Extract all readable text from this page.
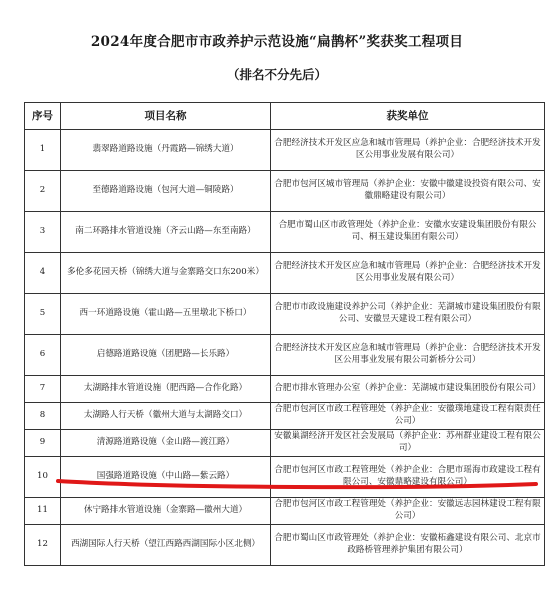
2024年度合肥市市政养护示范设施“扁鹊杯”奖获奖工程项目
（排名不分先后）
序号	项目名称	获奖单位
1	翡翠路道路设施（丹霞路—锦绣大道）	合肥经济技术开发区应急和城市管理局（养护企业：合肥经济技术开发区公用事业发展有限公司）
2	至德路道路设施（包河大道—铜陵路）	合肥市包河区城市管理局（养护企业：安徽中徽建设投资有限公司、安徽鼎略建设有限公司）
3	南二环路排水管道设施（齐云山路—东至南路）	合肥市蜀山区市政管理处（养护企业：安徽水安建设集团股份有限公司、桐玉建设集团有限公司）
4	多伦多花园天桥（锦绣大道与金寨路交口东200米）	合肥经济技术开发区应急和城市管理局（养护企业：合肥经济技术开发区公用事业发展有限公司）
5	西一环道路设施（霍山路—五里墩北下桥口）	合肥市市政设施建设养护公司（养护企业：芜湖城市建设集团股份有限公司、安徽昱天建设工程有限公司）
6	启德路道路设施（团肥路—长乐路）	合肥经济技术开发区应急和城市管理局（养护企业：合肥经济技术开发区公用事业发展有限公司新桥分公司）
7	太湖路排水管道设施（肥西路—合作化路）	合肥市排水管理办公室（养护企业：芜湖城市建设集团股份有限公司）
8	太湖路人行天桥（徽州大道与太湖路交口）	合肥市包河区市政工程管理处（养护企业：安徽璞地建设工程有限责任公司）
9	清源路道路设施（金山路—渡江路）	安徽巢湖经济开发区社会发展局（养护企业：苏州群业建设工程有限公司）
10	国强路道路设施（中山路—紫云路）	合肥市包河区市政工程管理处（养护企业：合肥市瑶海市政建设工程有限公司、安徽鼎略建设有限公司）
11	休宁路排水管道设施（金寨路—徽州大道）	合肥市包河区市政工程管理处（养护企业：安徽远志园林建设工程有限公司）
12	西湖国际人行天桥（望江西路西湖国际小区北侧）	合肥市蜀山区市政管理处（养护企业：安徽柘鑫建设有限公司、北京市政路桥管理养护集团有限公司）
